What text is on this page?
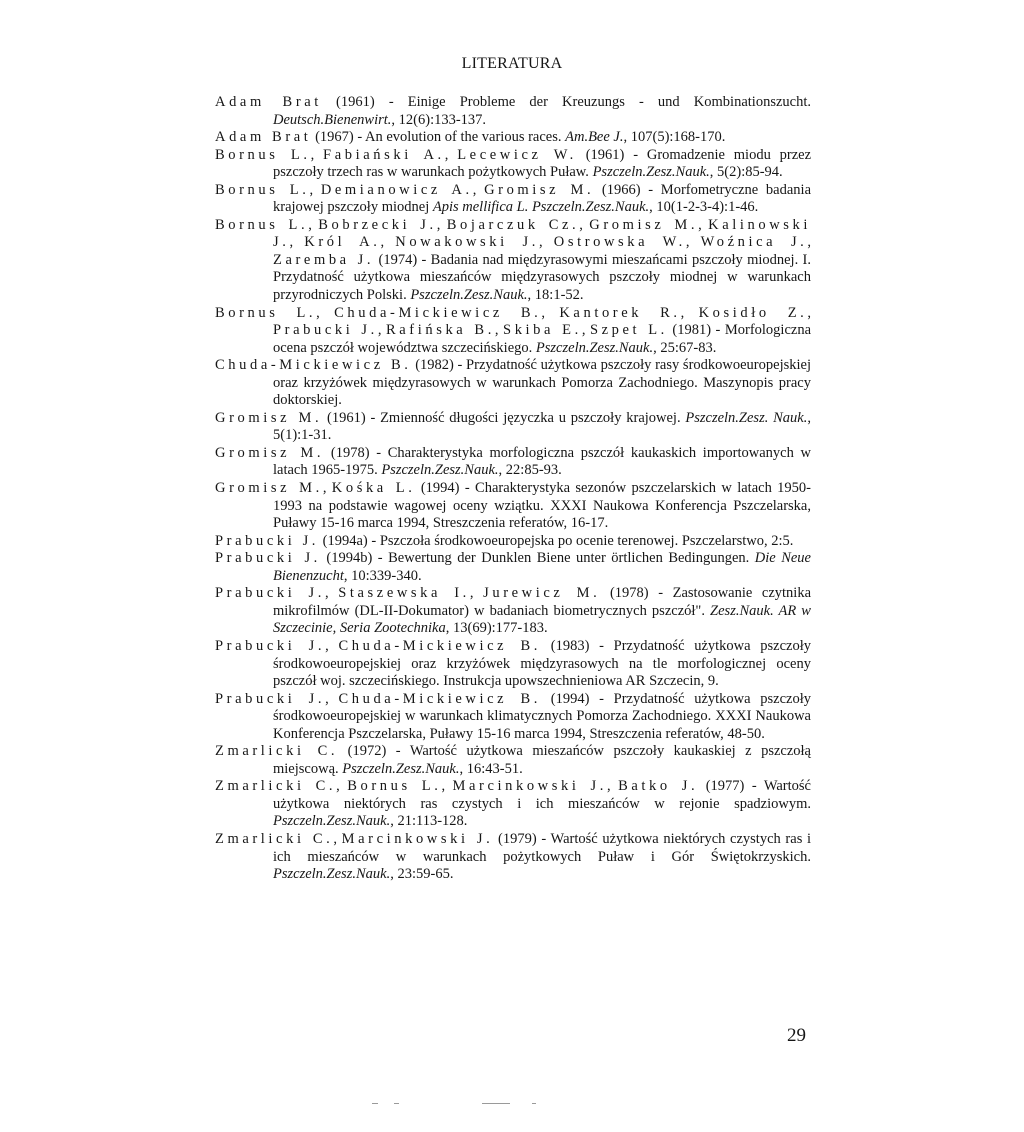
LITERATURA
Adam Brat (1961) - Einige Probleme der Kreuzungs - und Kombinationszucht. Deutsch.Bienenwirt., 12(6):133-137.
Adam Brat (1967) - An evolution of the various races. Am.Bee J., 107(5):168-170.
Bornus L., Fabiański A., Lecewicz W. (1961) - Gromadzenie miodu przez pszczoły trzech ras w warunkach pożytkowych Puław. Pszczeln.Zesz.Nauk., 5(2):85-94.
Bornus L., Demianowicz A., Gromisz M. (1966) - Morfometryczne badania krajowej pszczoły miodnej Apis mellifica L. Pszczeln.Zesz.Nauk., 10(1-2-3-4):1-46.
Bornus L., Bobrzecki J., Bojarczuk Cz., Gromisz M., Kalinowski J., Król A., Nowakowski J., Ostrowska W., Woźnica J., Zaremba J. (1974) - Badania nad międzyrasowymi mieszańcami pszczoły miodnej. I. Przydatność użytkowa mieszańców międzyrasowych pszczoły miodnej w warunkach przyrodniczych Polski. Pszczeln.Zesz.Nauk., 18:1-52.
Bornus L., Chuda-Mickiewicz B., Kantorek R., Kosidło Z., Prabucki J., Rafińska B., Skiba E., Szpet L. (1981) - Morfologiczna ocena pszczół województwa szczecińskiego. Pszczeln.Zesz.Nauk., 25:67-83.
Chuda-Mickiewicz B. (1982) - Przydatność użytkowa pszczoły rasy środkowoeuropejskiej oraz krzyżówek międzyrasowych w warunkach Pomorza Zachodniego. Maszynopis pracy doktorskiej.
Gromisz M. (1961) - Zmienność długości języczka u pszczoły krajowej. Pszczeln.Zesz. Nauk., 5(1):1-31.
Gromisz M. (1978) - Charakterystyka morfologiczna pszczół kaukaskich importowanych w latach 1965-1975. Pszczeln.Zesz.Nauk., 22:85-93.
Gromisz M., Kośka L. (1994) - Charakterystyka sezonów pszczelarskich w latach 1950-1993 na podstawie wagowej oceny wziątku. XXXI Naukowa Konferencja Pszczelarska, Puławy 15-16 marca 1994, Streszczenia referatów, 16-17.
Prabucki J. (1994a) - Pszczoła środkowoeuropejska po ocenie terenowej. Pszczelarstwo, 2:5.
Prabucki J. (1994b) - Bewertung der Dunklen Biene unter örtlichen Bedingungen. Die Neue Bienenzucht, 10:339-340.
Prabucki J., Staszewska I., Jurewicz M. (1978) - Zastosowanie czytnika mikrofilmów (DL-II-Dokumator) w badaniach biometrycznych pszczół". Zesz.Nauk. AR w Szczecinie, Seria Zootechnika, 13(69):177-183.
Prabucki J., Chuda-Mickiewicz B. (1983) - Przydatność użytkowa pszczoły środkowoeuropejskiej oraz krzyżówek międzyrasowych na tle morfologicznej oceny pszczół woj. szczecińskiego. Instrukcja upowszechnieniowa AR Szczecin, 9.
Prabucki J., Chuda-Mickiewicz B. (1994) - Przydatność użytkowa pszczoły środkowoeuropejskiej w warunkach klimatycznych Pomorza Zachodniego. XXXI Naukowa Konferencja Pszczelarska, Puławy 15-16 marca 1994, Streszczenia referatów, 48-50.
Zmarlicki C. (1972) - Wartość użytkowa mieszańców pszczoły kaukaskiej z pszczołą miejscową. Pszczeln.Zesz.Nauk., 16:43-51.
Zmarlicki C., Bornus L., Marcinkowski J., Batko J. (1977) - Wartość użytkowa niektórych ras czystych i ich mieszańców w rejonie spadziowym. Pszczeln.Zesz.Nauk., 21:113-128.
Zmarlicki C., Marcinkowski J. (1979) - Wartość użytkowa niektórych czystych ras i ich mieszańców w warunkach pożytkowych Puław i Gór Świętokrzyskich. Pszczeln.Zesz.Nauk., 23:59-65.
29
